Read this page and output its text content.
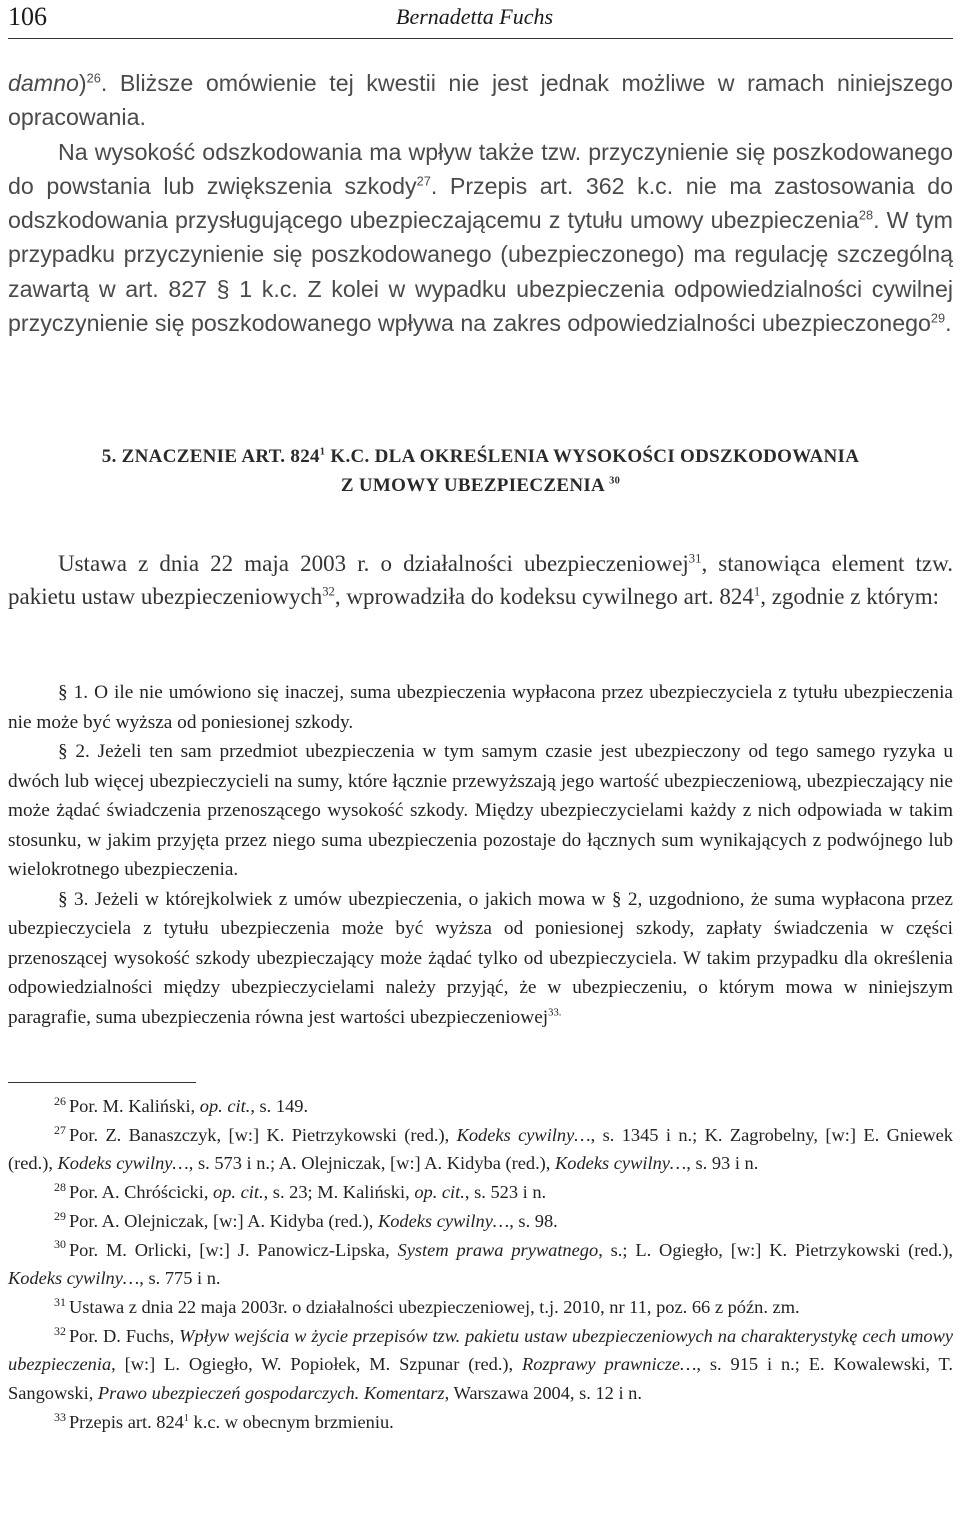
106	Bernadetta Fuchs

damno)$^{26}$. Bliższe omówienie tej kwestii nie jest jednak możliwe w ramach niniejszego opracowania.

Na wysokość odszkodowania ma wpływ także tzw. przyczynienie się poszkodowanego do powstania lub zwiększenia szkody$^{27}$. Przepis art. 362 k.c. nie ma zastosowania do odszkodowania przysługującego ubezpieczającemu z tytułu umowy ubezpieczenia$^{28}$. W tym przypadku przyczynienie się poszkodowanego (ubezpieczonego) ma regulację szczególną zawartą w art. 827 § 1 k.c. Z kolei w wypadku ubezpieczenia odpowiedzialności cywilnej przyczynienie się poszkodowanego wpływa na zakres odpowiedzialności ubezpieczonego$^{29}$.

5. ZNACZENIE ART. $824^1$ K.C. DLA OKREŚLENIA WYSOKOŚCI ODSZKODOWANIA
Z UMOWY UBEZPIECZENIA $^{30}$

Ustawa z dnia 22 maja 2003 r. o działalności ubezpieczeniowej$^{31}$, stanowiąca element tzw. pakietu ustaw ubezpieczeniowych$^{32}$, wprowadziła do kodeksu cywilnego art. $824^1$, zgodnie z którym:

§ 1. O ile nie umówiono się inaczej, suma ubezpieczenia wypłacona przez ubezpieczyciela z tytułu ubezpieczenia nie może być wyższa od poniesionej szkody.

§ 2. Jeżeli ten sam przedmiot ubezpieczenia w tym samym czasie jest ubezpieczony od tego samego ryzyka u dwóch lub więcej ubezpieczycieli na sumy, które łącznie przewyższają jego wartość ubezpieczeniową, ubezpieczający nie może żądać świadczenia przenoszącego wysokość szkody. Między ubezpieczycielami każdy z nich odpowiada w takim stosunku, w jakim przyjęta przez niego suma ubezpieczenia pozostaje do łącznych sum wynikających z podwójnego lub wielokrotnego ubezpieczenia.

§ 3. Jeżeli w którejkolwiek z umów ubezpieczenia, o jakich mowa w § 2, uzgodniono, że suma wypłacona przez ubezpieczyciela z tytułu ubezpieczenia może być wyższa od poniesionej szkody, zapłaty świadczenia w części przenoszącej wysokość szkody ubezpieczający może żądać tylko od ubezpieczyciela. W takim przypadku dla określenia odpowiedzialności między ubezpieczycielami należy przyjąć, że w ubezpieczeniu, o którym mowa w niniejszym paragrafie, suma ubezpieczenia równa jest wartości ubezpieczeniowej$^{33.}$

$^{26}$ Por. M. Kaliński, op. cit., s. 149.

$^{27}$ Por. Z. Banaszczyk, [w:] K. Pietrzykowski (red.), Kodeks cywilny…, s. 1345 i n.; K. Zagrobelny, [w:] E. Gniewek (red.), Kodeks cywilny…, s. 573 i n.; A. Olejniczak, [w:] A. Kidyba (red.), Kodeks cywilny…, s. 93 i n.

$^{28}$ Por. A. Chróścicki, op. cit., s. 23; M. Kaliński, op. cit., s. 523 i n.

$^{29}$ Por. A. Olejniczak, [w:] A. Kidyba (red.), Kodeks cywilny…, s. 98.

$^{30}$ Por. M. Orlicki, [w:] J. Panowicz-Lipska, System prawa prywatnego, s.; L. Ogiegło, [w:] K. Pietrzykowski (red.), Kodeks cywilny…, s. 775 i n.

$^{31}$ Ustawa z dnia 22 maja 2003r. o działalności ubezpieczeniowej, t.j. 2010, nr 11, poz. 66 z późn. zm.

$^{32}$ Por. D. Fuchs, Wpływ wejścia w życie przepisów tzw. pakietu ustaw ubezpieczeniowych na charakterystykę cech umowy ubezpieczenia, [w:] L. Ogiegło, W. Popiołek, M. Szpunar (red.), Rozprawy prawnicze…, s. 915 i n.; E. Kowalewski, T. Sangowski, Prawo ubezpieczeń gospodarczych. Komentarz, Warszawa 2004, s. 12 i n.

$^{33}$ Przepis art. $824^1$ k.c. w obecnym brzmieniu.
